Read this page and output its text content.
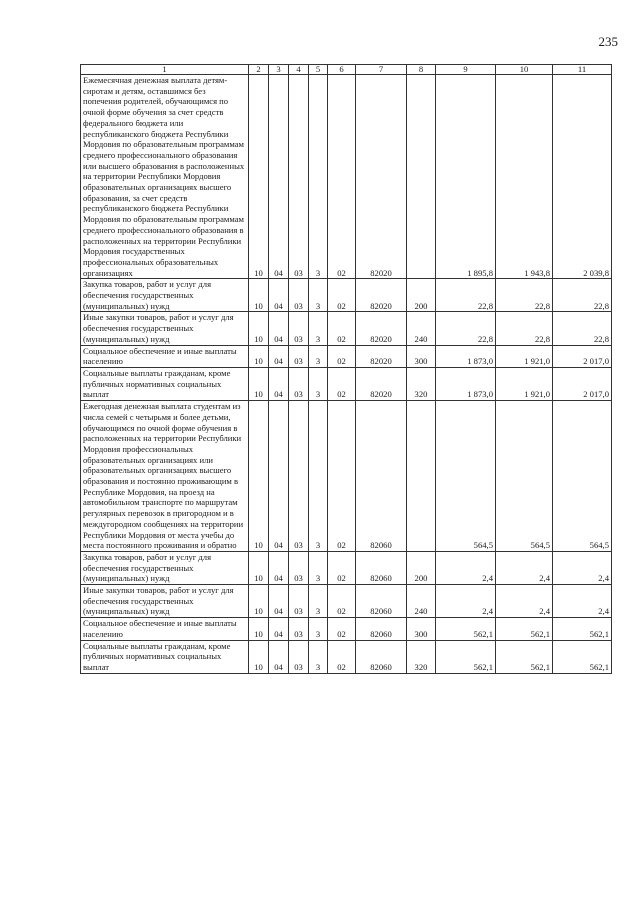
235
1	2	3	4	5	6	7	8	9	10	11
Ежемесячная денежная выплата детям-сиротам и детям, оставшимся без попечения родителей, обучающимся по очной форме обучения за счет средств федерального бюджета или республиканского бюджета Республики Мордовия по образовательным программам среднего профессионального образования или высшего образования в расположенных на территории Республики Мордовия образовательных организациях высшего образования, за счет средств республиканского бюджета Республики Мордовия по образовательным программам среднего профессионального образования в расположенных на территории Республики Мордовия государственных профессиональных образовательных организациях	10	04	03	3	02	82020		1 895,8	1 943,8	2 039,8
Закупка товаров, работ и услуг для обеспечения государственных (муниципальных) нужд	10	04	03	3	02	82020	200	22,8	22,8	22,8
Иные закупки товаров, работ и услуг для обеспечения государственных (муниципальных) нужд	10	04	03	3	02	82020	240	22,8	22,8	22,8
Социальное обеспечение и иные выплаты населению	10	04	03	3	02	82020	300	1 873,0	1 921,0	2 017,0
Социальные выплаты гражданам, кроме публичных нормативных социальных выплат	10	04	03	3	02	82020	320	1 873,0	1 921,0	2 017,0
Ежегодная денежная выплата студентам из числа семей с четырьмя и более детьми, обучающимся по очной форме обучения в расположенных на территории Республики Мордовия профессиональных образовательных организациях или образовательных организациях высшего образования и постоянно проживающим в Республике Мордовия, на проезд на автомобильном транспорте по маршрутам регулярных перевозок в пригородном и в междугородном сообщениях на территории Республики Мордовия от места учебы до места постоянного проживания и обратно	10	04	03	3	02	82060		564,5	564,5	564,5
Закупка товаров, работ и услуг для обеспечения государственных (муниципальных) нужд	10	04	03	3	02	82060	200	2,4	2,4	2,4
Иные закупки товаров, работ и услуг для обеспечения государственных (муниципальных) нужд	10	04	03	3	02	82060	240	2,4	2,4	2,4
Социальное обеспечение и иные выплаты населению	10	04	03	3	02	82060	300	562,1	562,1	562,1
Социальные выплаты гражданам, кроме публичных нормативных социальных выплат	10	04	03	3	02	82060	320	562,1	562,1	562,1
